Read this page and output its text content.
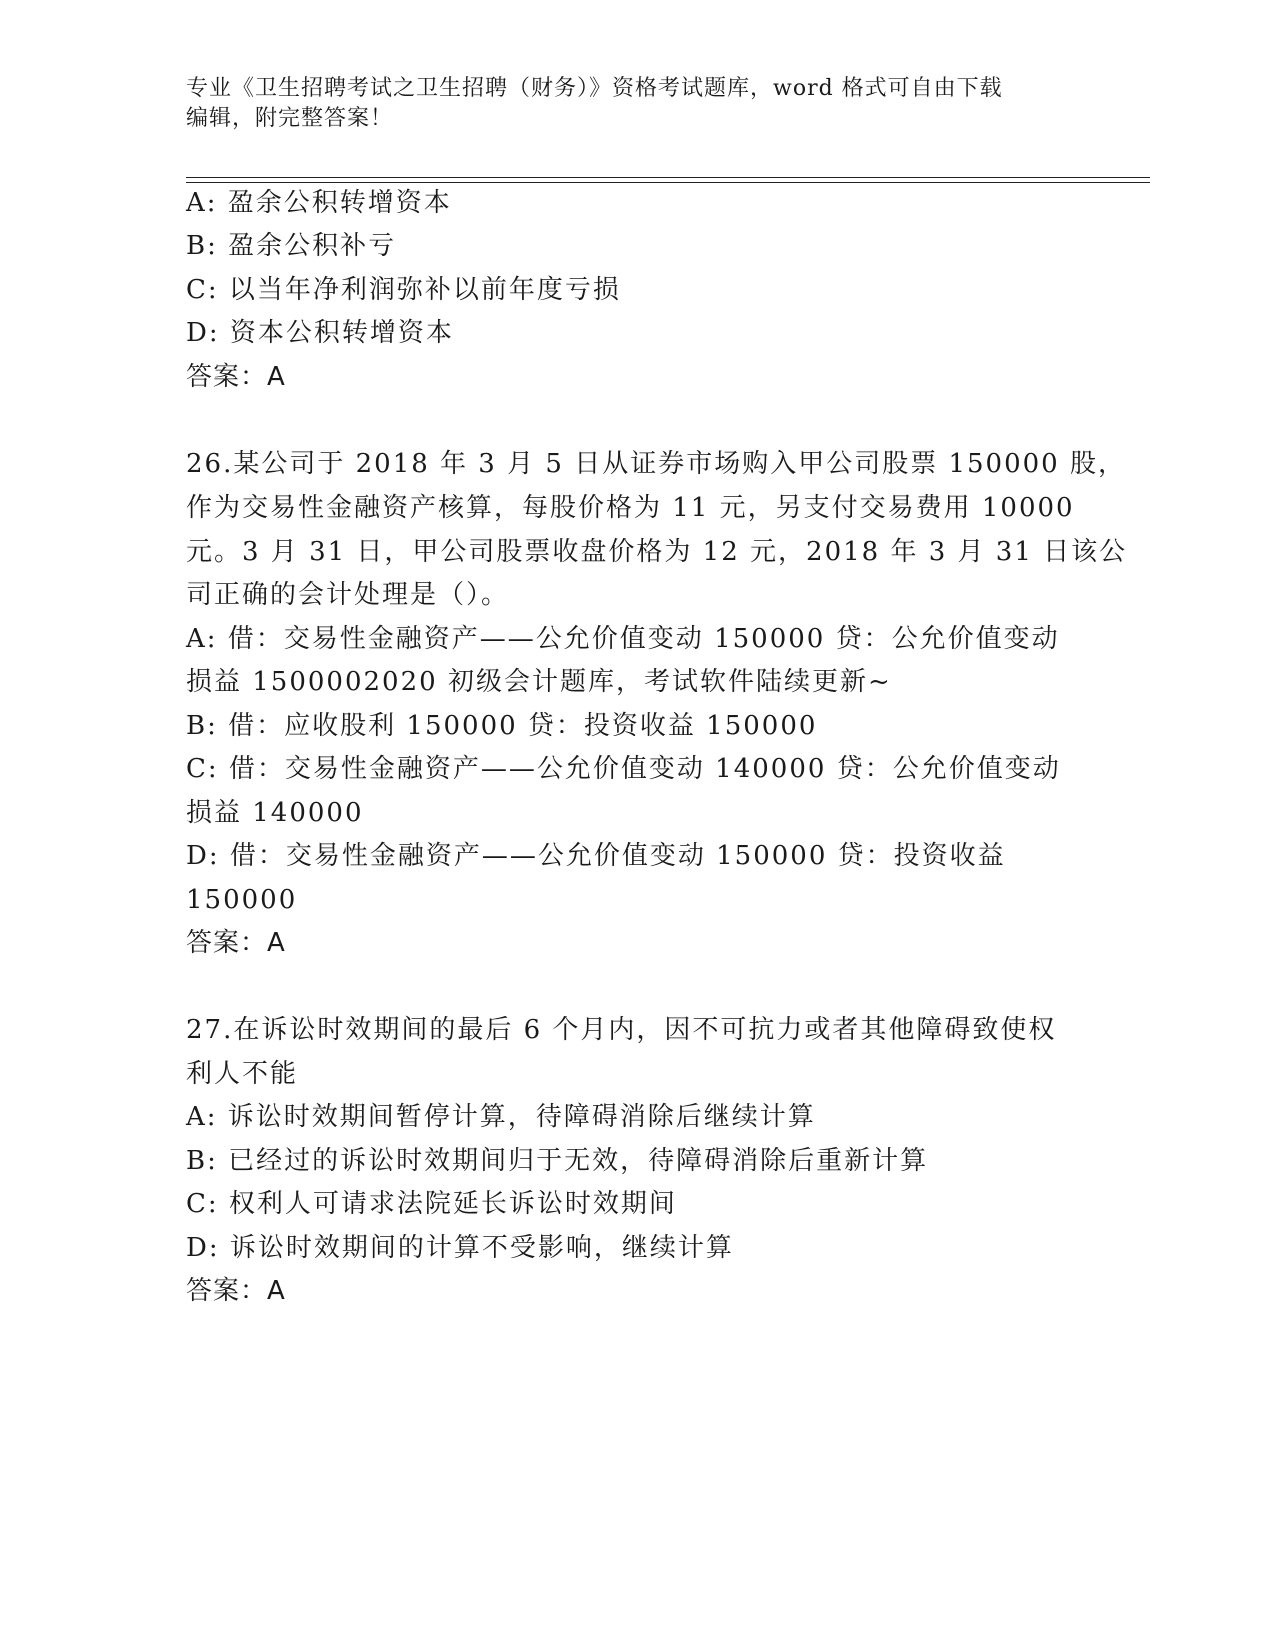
专业《卫生招聘考试之卫生招聘（财务）》资格考试题库，word 格式可自由下载
编辑，附完整答案！
A: 盈余公积转增资本
B: 盈余公积补亏
C: 以当年净利润弥补以前年度亏损
D: 资本公积转增资本
答案：A
26.某公司于 2018 年 3 月 5 日从证券市场购入甲公司股票 150000 股，
作为交易性金融资产核算，每股价格为 11 元，另支付交易费用 10000
元。3 月 31 日，甲公司股票收盘价格为 12 元，2018 年 3 月 31 日该公
司正确的会计处理是（）。
A: 借：交易性金融资产——公允价值变动 150000 贷：公允价值变动
损益 1500002020 初级会计题库，考试软件陆续更新~
B: 借：应收股利 150000 贷：投资收益 150000
C: 借：交易性金融资产——公允价值变动 140000 贷：公允价值变动
损益 140000
D: 借：交易性金融资产——公允价值变动 150000 贷：投资收益
150000
答案：A
27.在诉讼时效期间的最后 6 个月内，因不可抗力或者其他障碍致使权
利人不能
A: 诉讼时效期间暂停计算，待障碍消除后继续计算
B: 已经过的诉讼时效期间归于无效，待障碍消除后重新计算
C: 权利人可请求法院延长诉讼时效期间
D: 诉讼时效期间的计算不受影响，继续计算
答案：A
